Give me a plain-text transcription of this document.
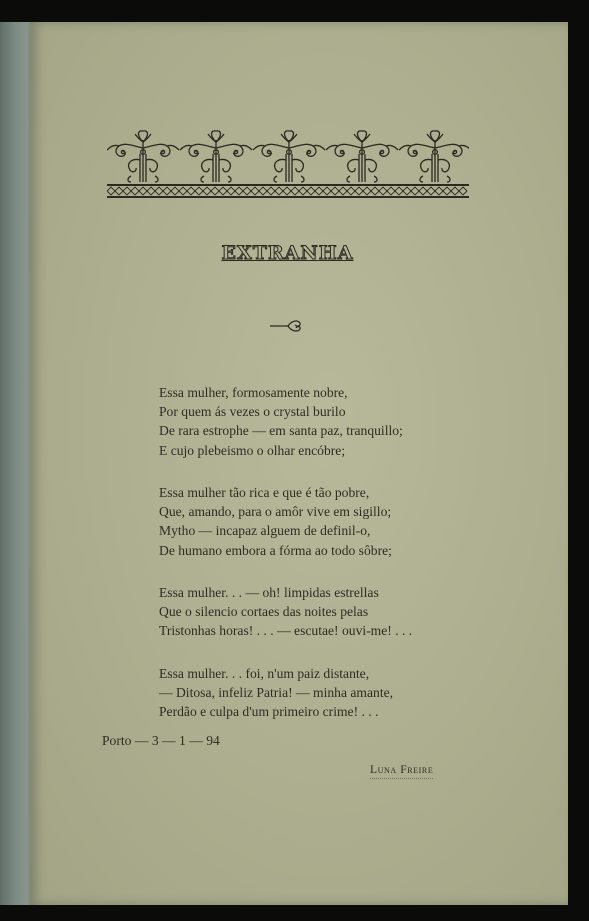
EXTRANHA
Essa mulher, formosamente nobre,
Por quem ás vezes o crystal burilo
De rara estrophe — em santa paz, tranquillo;
E cujo plebeismo o olhar encóbre;
Essa mulher tão rica e que é tão pobre,
Que, amando, para o amôr vive em sigillo;
Mytho — incapaz alguem de definil-o,
De humano embora a fórma ao todo sôbre;
Essa mulher. . . — oh! limpidas estrellas
Que o silencio cortaes das noites pelas
Tristonhas horas! . . . — escutae! ouvi-me! . . .
Essa mulher. . . foi, n'um paiz distante,
— Ditosa, infeliz Patria! — minha amante,
Perdão e culpa d'um primeiro crime! . . .
Porto — 3 — 1 — 94
Luna Freire
